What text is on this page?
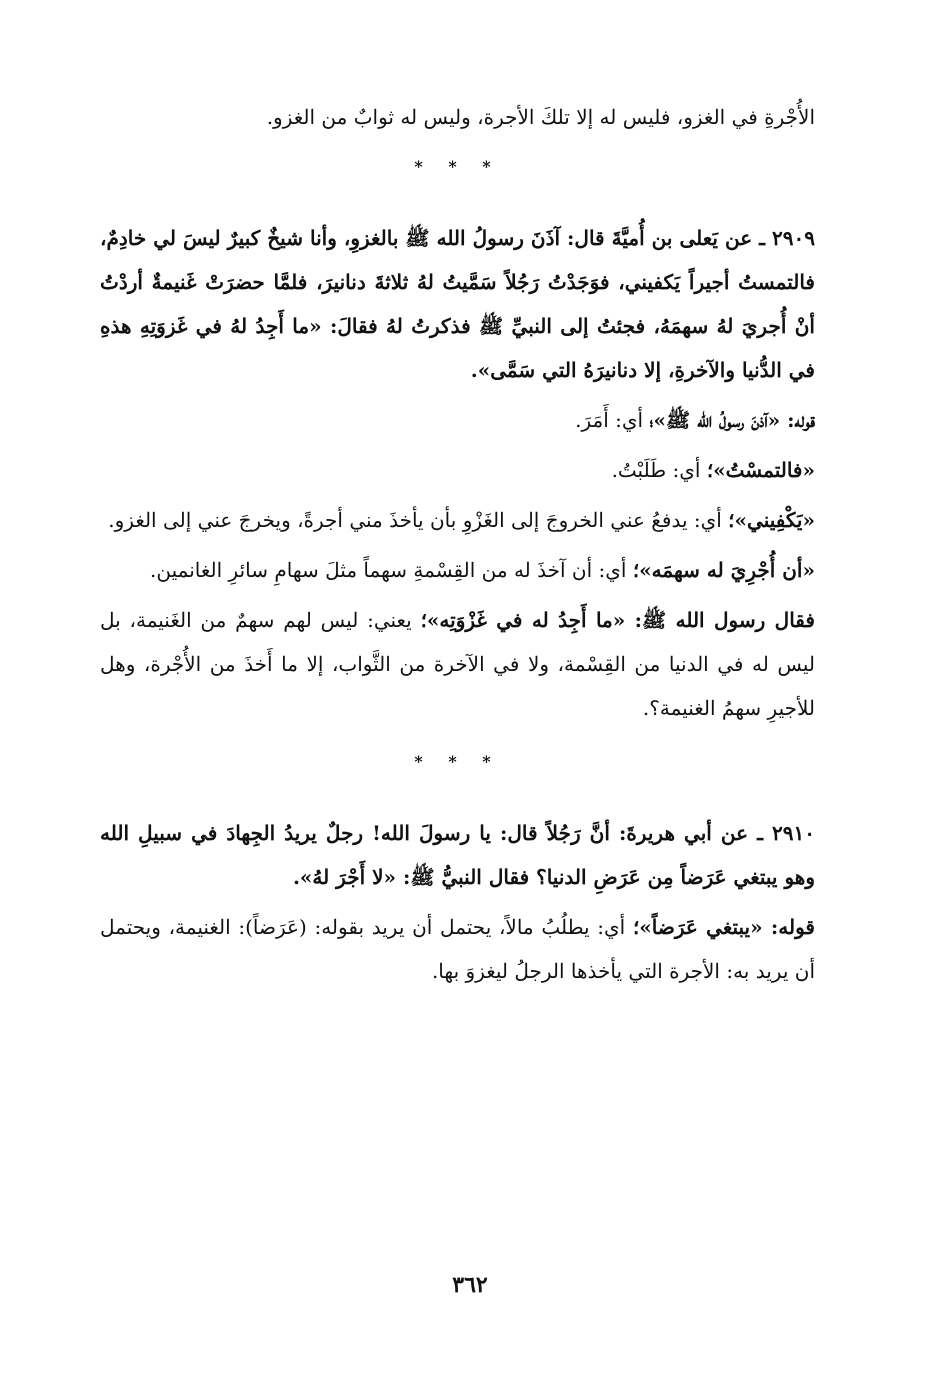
الأُجْرةِ في الغزو، فليس له إلا تلكَ الأجرة، وليس له ثوابٌ من الغزو.

* * *

٢٩٠٩ ـ عن يَعلى بن أُميَّةَ قال: آذَنَ رسولُ الله ﷺ بالغزوِ، وأنا شيخٌ كبيرٌ ليسَ لي خادِمٌ، فالتمستُ أجيراً يَكفيني، فوَجَدْتُ رَجُلاً سَمَّيتُ لهُ ثلاثةَ دنانيرَ، فلمَّا حضرَتْ غَنيمةٌ أردْتُ أنْ أُجريَ لهُ سهمَهُ، فجئتُ إلى النبيِّ ﷺ فذكرتُ لهُ فقالَ: «ما أَجِدُ لهُ في غَزوَتِهِ هذهِ في الدُّنيا والآخرةِ، إلا دنانيرَهُ التي سَمَّى».

قوله: «آذنَ رسولُ الله ﷺ»؛ أي: أَمَرَ.

«فالتمسْتُ»؛ أي: طَلَبْتُ.

«يَكْفِيني»؛ أي: يدفعُ عني الخروجَ إلى الغَزْوِ بأن يأخذَ مني أجرةً، ويخرجَ عني إلى الغزو.

«أن أُجْرِيَ له سهمَه»؛ أي: أن آخذَ له من القِسْمةِ سهماً مثلَ سهامِ سائرِ الغانمين.

فقال رسول الله ﷺ: «ما أَجِدُ له في غَزْوَتِه»؛ يعني: ليس لهم سهمٌ من الغَنيمة، بل ليس له في الدنيا من القِسْمة، ولا في الآخرة من الثَّواب، إلا ما أَخذَ من الأُجْرة، وهل للأجيرِ سهمُ الغنيمة؟.

* * *

٢٩١٠ ـ عن أبي هريرةَ: أنَّ رَجُلاً قال: يا رسولَ الله! رجلٌ يريدُ الجِهادَ في سبيلِ الله وهو يبتغي عَرَضاً مِن عَرَضِ الدنيا؟ فقال النبيُّ ﷺ: «لا أَجْرَ لهُ».

قوله: «يبتغي عَرَضاً»؛ أي: يطلُبُ مالاً، يحتمل أن يريد بقوله: (عَرَضاً): الغنيمة، ويحتمل أن يريد به: الأجرة التي يأخذها الرجلُ ليغزوَ بها.

٣٦٢
